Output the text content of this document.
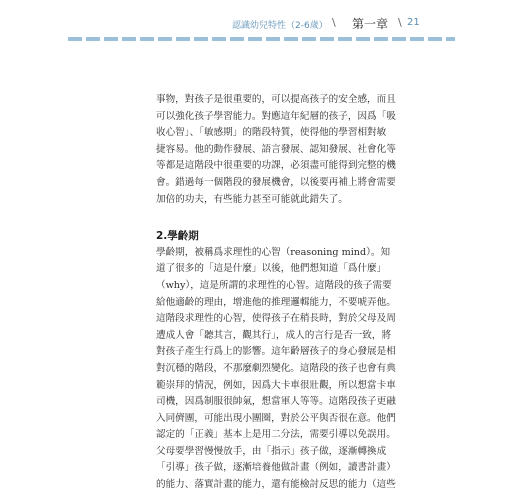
認識幼兒特性（2-6歲） \ 第一章 \ 21
事物，對孩子是很重要的，可以提高孩子的安全感，而且
可以強化孩子學習能力。對應這年紀層的孩子，因爲「吸
收心智」、「敏感期」的階段特質，使得他的學習相對敏
捷容易。他的動作發展、語言發展、認知發展、社會化等
等都是這階段中很重要的功課，必須盡可能得到完整的機
會。錯過每一個階段的發展機會，以後要再補上將會需要
加倍的功夫，有些能力甚至可能就此錯失了。
2.學齡期
學齡期，被稱爲求理性的心智（reasoning mind）。知
道了很多的「這是什麼」以後，他們想知道「爲什麼」
（why），這是所謂的求理性的心智。這階段的孩子需要
給他適齡的理由，增進他的推理邏輯能力，不要唬弄他。
這階段求理性的心智，使得孩子在稍長時，對於父母及周
遭成人會「聽其言，觀其行」，成人的言行是否一致，將
對孩子產生行爲上的影響。這年齡層孩子的身心發展是相
對沉穩的階段，不那麼劇烈變化。這階段的孩子也會有典
範崇拜的情況，例如，因爲大卡車很壯觀，所以想當卡車
司機，因爲制服很帥氣，想當軍人等等。這階段孩子更融
入同儕團，可能出現小團圈，對於公平與否很在意。他們
認定的「正義」基本上是用二分法，需要引導以免誤用。
父母要學習慢慢放手，由「指示」孩子做，逐漸轉換成
「引導」孩子做，逐漸培養他做計畫（例如，讀書計畫）
的能力、落實計畫的能力，還有能檢討反思的能力（這些
